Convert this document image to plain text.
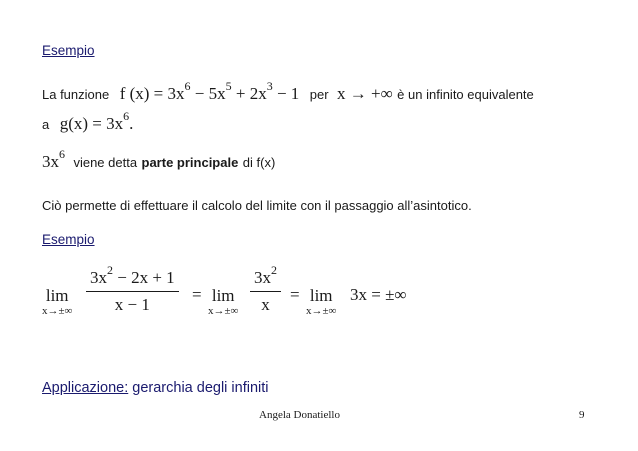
Esempio
La funzione f $(x) = 3x^6 - 5x^5 + 2x^3 - 1$ per x → +∞ è un infinito equivalente
a $g(x) = 3x^6$.
$3x^6$ viene detta parte principale di f(x)
Ciò permette di effettuare il calcolo del limite con il passaggio all’asintotico.
Esempio
lim
x→±∞
$3x^2 - 2x + 1$
x − 1
= lim
x→±∞
$3x^2$
x
= lim
x→±∞
3x = ±∞
Applicazione: gerarchia degli infiniti
Angela Donatiello	9
